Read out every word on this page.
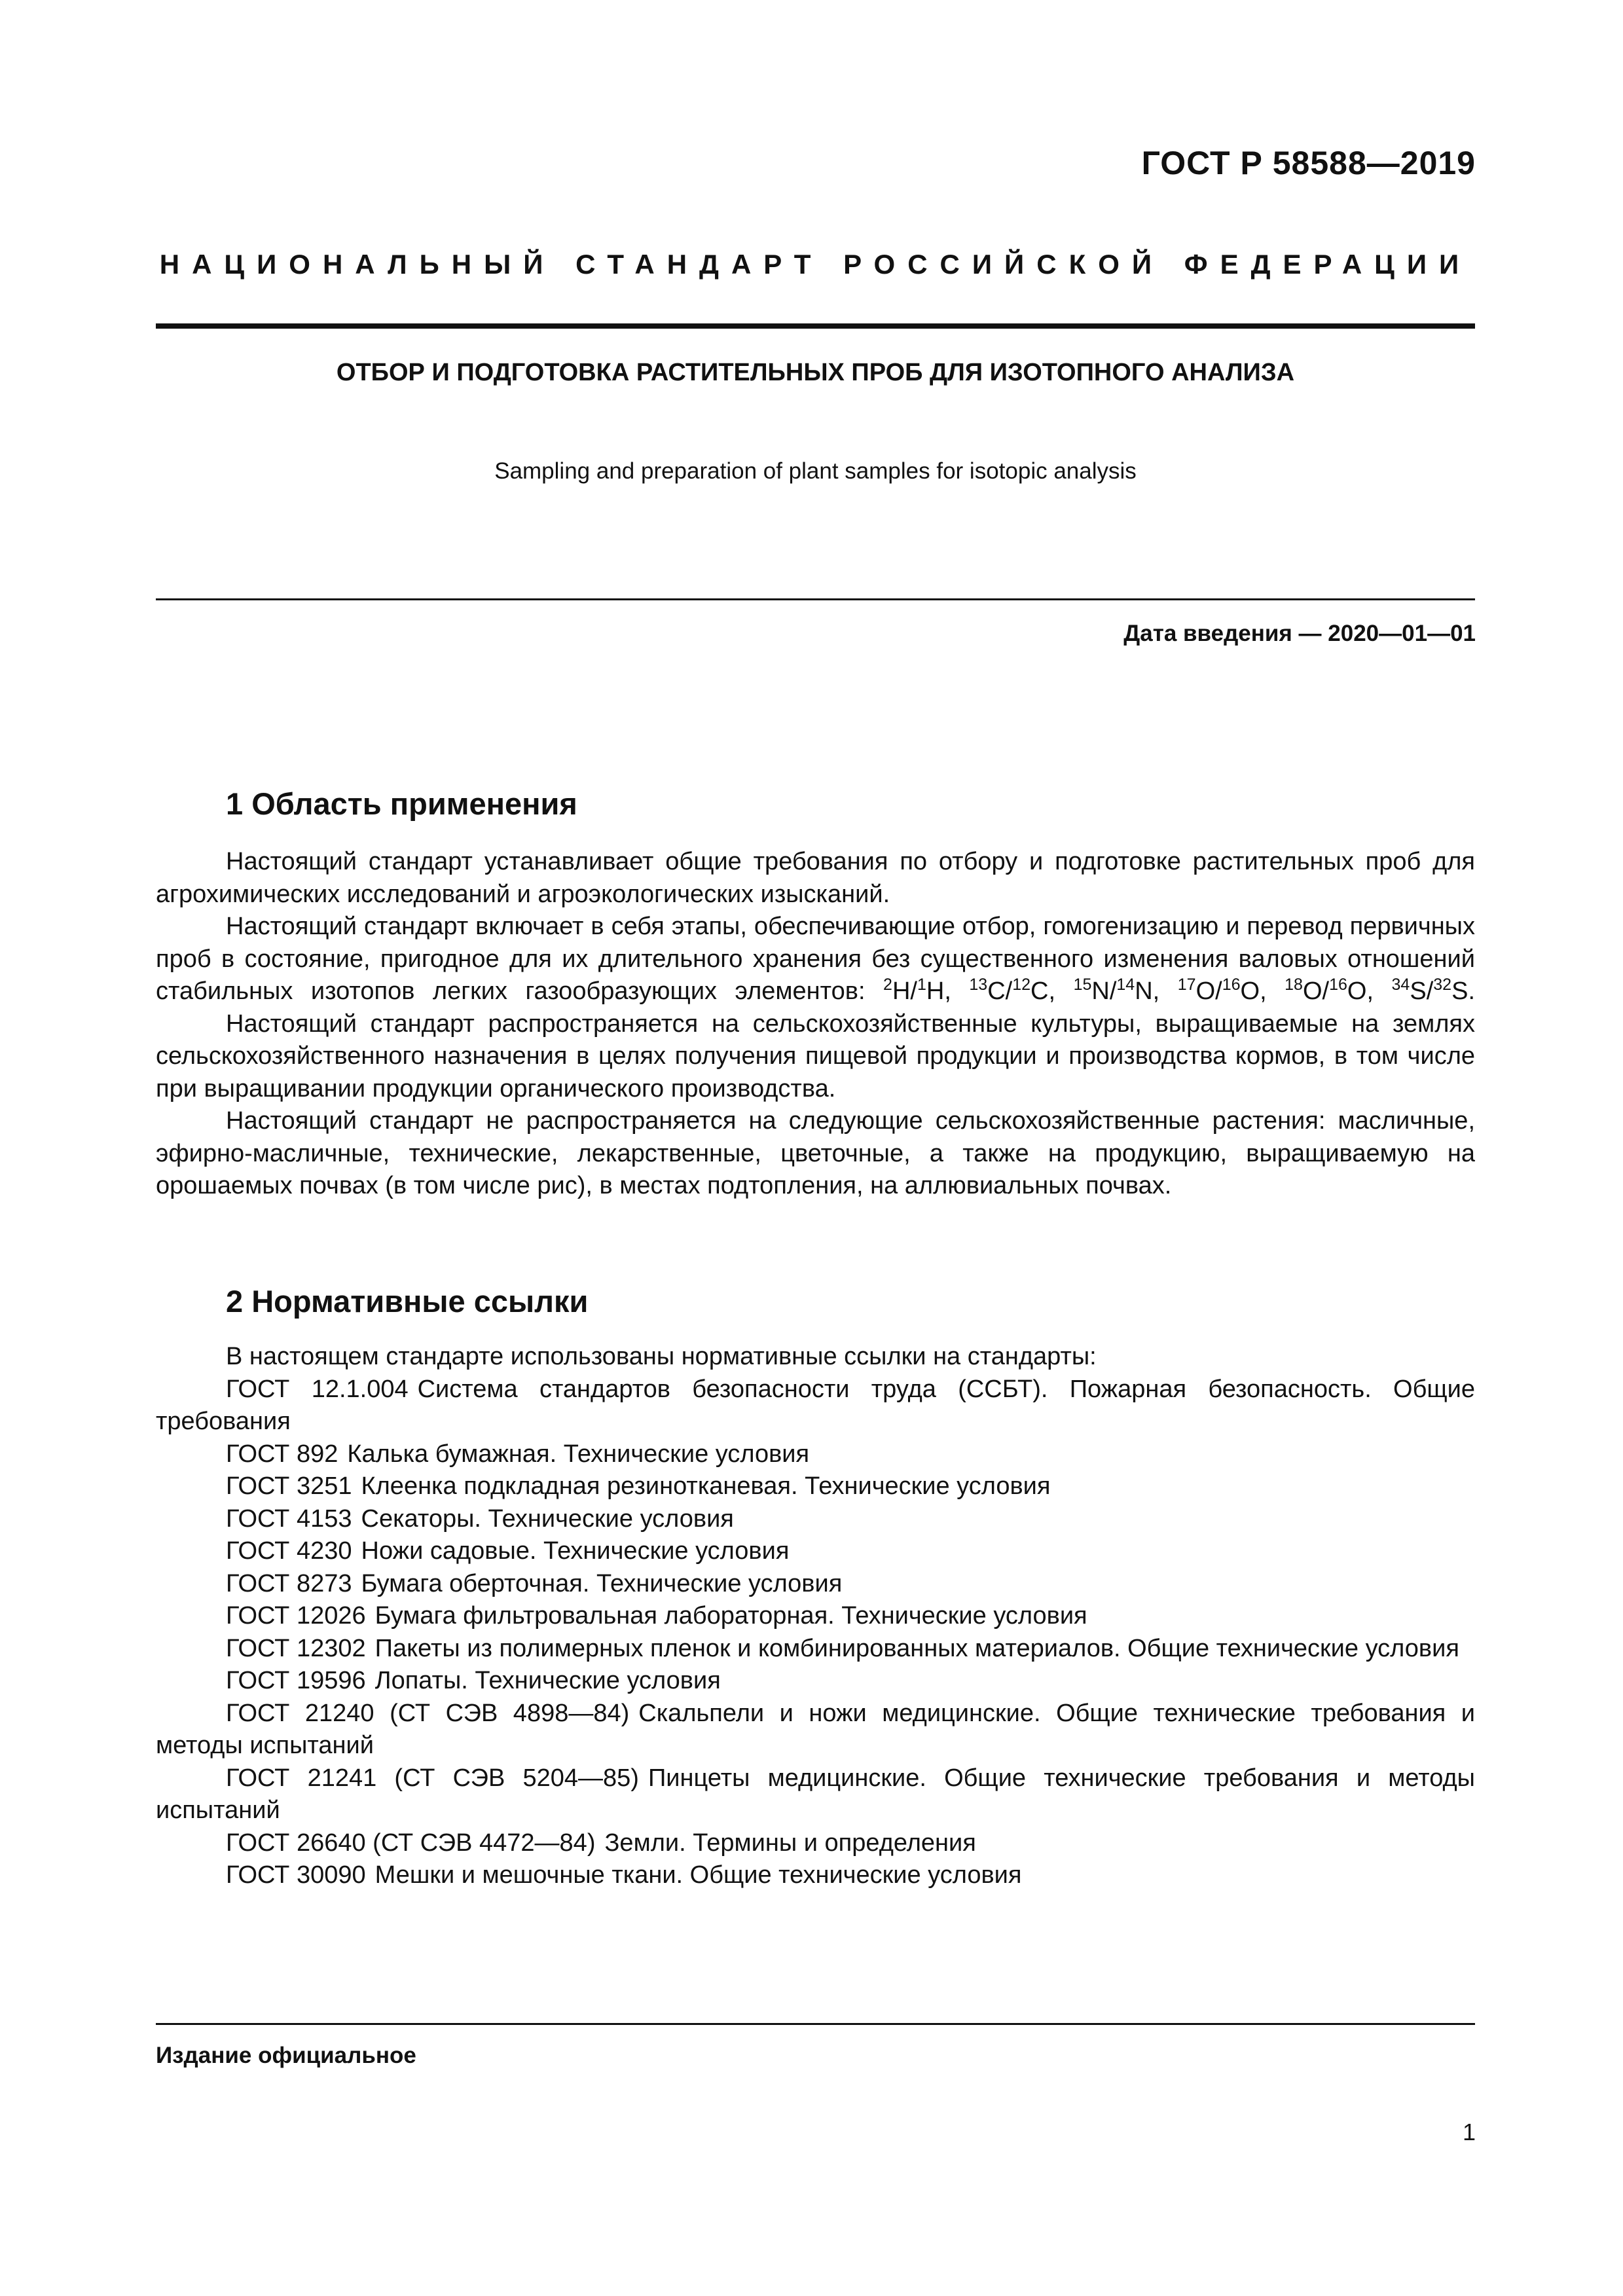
ГОСТ Р 58588—2019
НАЦИОНАЛЬНЫЙ СТАНДАРТ РОССИЙСКОЙ ФЕДЕРАЦИИ
ОТБОР И ПОДГОТОВКА РАСТИТЕЛЬНЫХ ПРОБ ДЛЯ ИЗОТОПНОГО АНАЛИЗА
Sampling and preparation of plant samples for isotopic analysis
Дата введения — 2020—01—01
1 Область применения

Настоящий стандарт устанавливает общие требования по отбору и подготовке растительных проб для агрохимических исследований и агроэкологических изысканий.

Настоящий стандарт включает в себя этапы, обеспечивающие отбор, гомогенизацию и перевод первичных проб в состояние, пригодное для их длительного хранения без существенного изменения валовых отношений стабильных изотопов легких газообразующих элементов: $^2$H/$^1$H, $^{13}$C/$^{12}$C, $^{15}$N/$^{14}$N, $^{17}$O/$^{16}$O, $^{18}$O/$^{16}$O, $^{34}$S/$^{32}$S.

Настоящий стандарт распространяется на сельскохозяйственные культуры, выращиваемые на землях сельскохозяйственного назначения в целях получения пищевой продукции и производства кормов, в том числе при выращивании продукции органического производства.

Настоящий стандарт не распространяется на следующие сельскохозяйственные растения: масличные, эфирно-масличные, технические, лекарственные, цветочные, а также на продукцию, выращиваемую на орошаемых почвах (в том числе рис), в местах подтопления, на аллювиальных почвах.

2 Нормативные ссылки

В настоящем стандарте использованы нормативные ссылки на стандарты:

ГОСТ 12.1.004 Система стандартов безопасности труда (ССБТ). Пожарная безопасность. Общие требования

ГОСТ 892 Калька бумажная. Технические условия

ГОСТ 3251 Клеенка подкладная резинотканевая. Технические условия

ГОСТ 4153 Секаторы. Технические условия

ГОСТ 4230 Ножи садовые. Технические условия

ГОСТ 8273 Бумага оберточная. Технические условия

ГОСТ 12026 Бумага фильтровальная лабораторная. Технические условия

ГОСТ 12302 Пакеты из полимерных пленок и комбинированных материалов. Общие технические условия

ГОСТ 19596 Лопаты. Технические условия

ГОСТ 21240 (СТ СЭВ 4898—84) Скальпели и ножи медицинские. Общие технические требования и методы испытаний

ГОСТ 21241 (СТ СЭВ 5204—85) Пинцеты медицинские. Общие технические требования и методы испытаний

ГОСТ 26640 (СТ СЭВ 4472—84) Земли. Термины и определения

ГОСТ 30090 Мешки и мешочные ткани. Общие технические условия

Издание официальное
1
